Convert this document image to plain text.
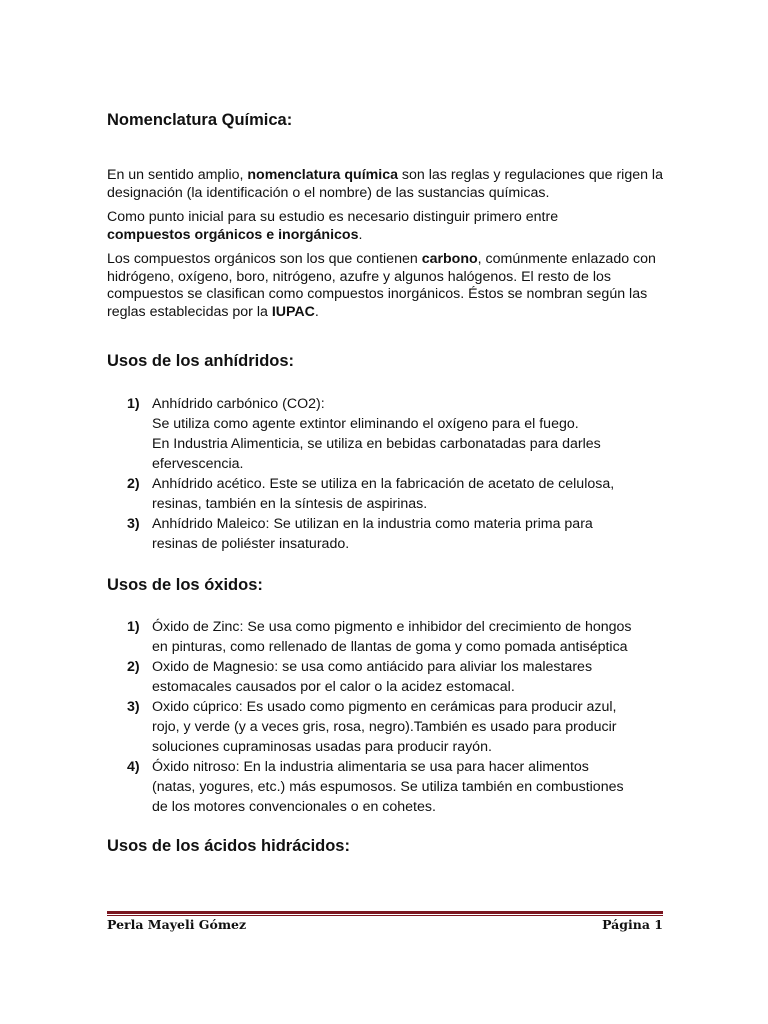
Nomenclatura Química:

En un sentido amplio, nomenclatura química son las reglas y regulaciones que rigen la designación (la identificación o el nombre) de las sustancias químicas.

Como punto inicial para su estudio es necesario distinguir primero entre compuestos orgánicos e inorgánicos.

Los compuestos orgánicos son los que contienen carbono, comúnmente enlazado con hidrógeno, oxígeno, boro, nitrógeno, azufre y algunos halógenos. El resto de los compuestos se clasifican como compuestos inorgánicos. Éstos se nombran según las reglas establecidas por la IUPAC.

Usos de los anhídridos:
1) Anhídrido carbónico (CO2):
Se utiliza como agente extintor eliminando el oxígeno para el fuego.
En Industria Alimenticia, se utiliza en bebidas carbonatadas para darles
efervescencia.
2) Anhídrido acético. Este se utiliza en la fabricación de acetato de celulosa,
resinas, también en la síntesis de aspirinas.
3) Anhídrido Maleico: Se utilizan en la industria como materia prima para
resinas de poliéster insaturado.
Usos de los óxidos:
1) Óxido de Zinc: Se usa como pigmento e inhibidor del crecimiento de hongos
en pinturas, como rellenado de llantas de goma y como pomada antiséptica
2) Oxido de Magnesio: se usa como antiácido para aliviar los malestares
estomacales causados por el calor o la acidez estomacal.
3) Oxido cúprico: Es usado como pigmento en cerámicas para producir azul,
rojo, y verde (y a veces gris, rosa, negro).También es usado para producir
soluciones cupraminosas usadas para producir rayón.
4) Óxido nitroso: En la industria alimentaria se usa para hacer alimentos
(natas, yogures, etc.) más espumosos. Se utiliza también en combustiones
de los motores convencionales o en cohetes.
Usos de los ácidos hidrácidos:
Perla Mayeli Gómez	Página 1
